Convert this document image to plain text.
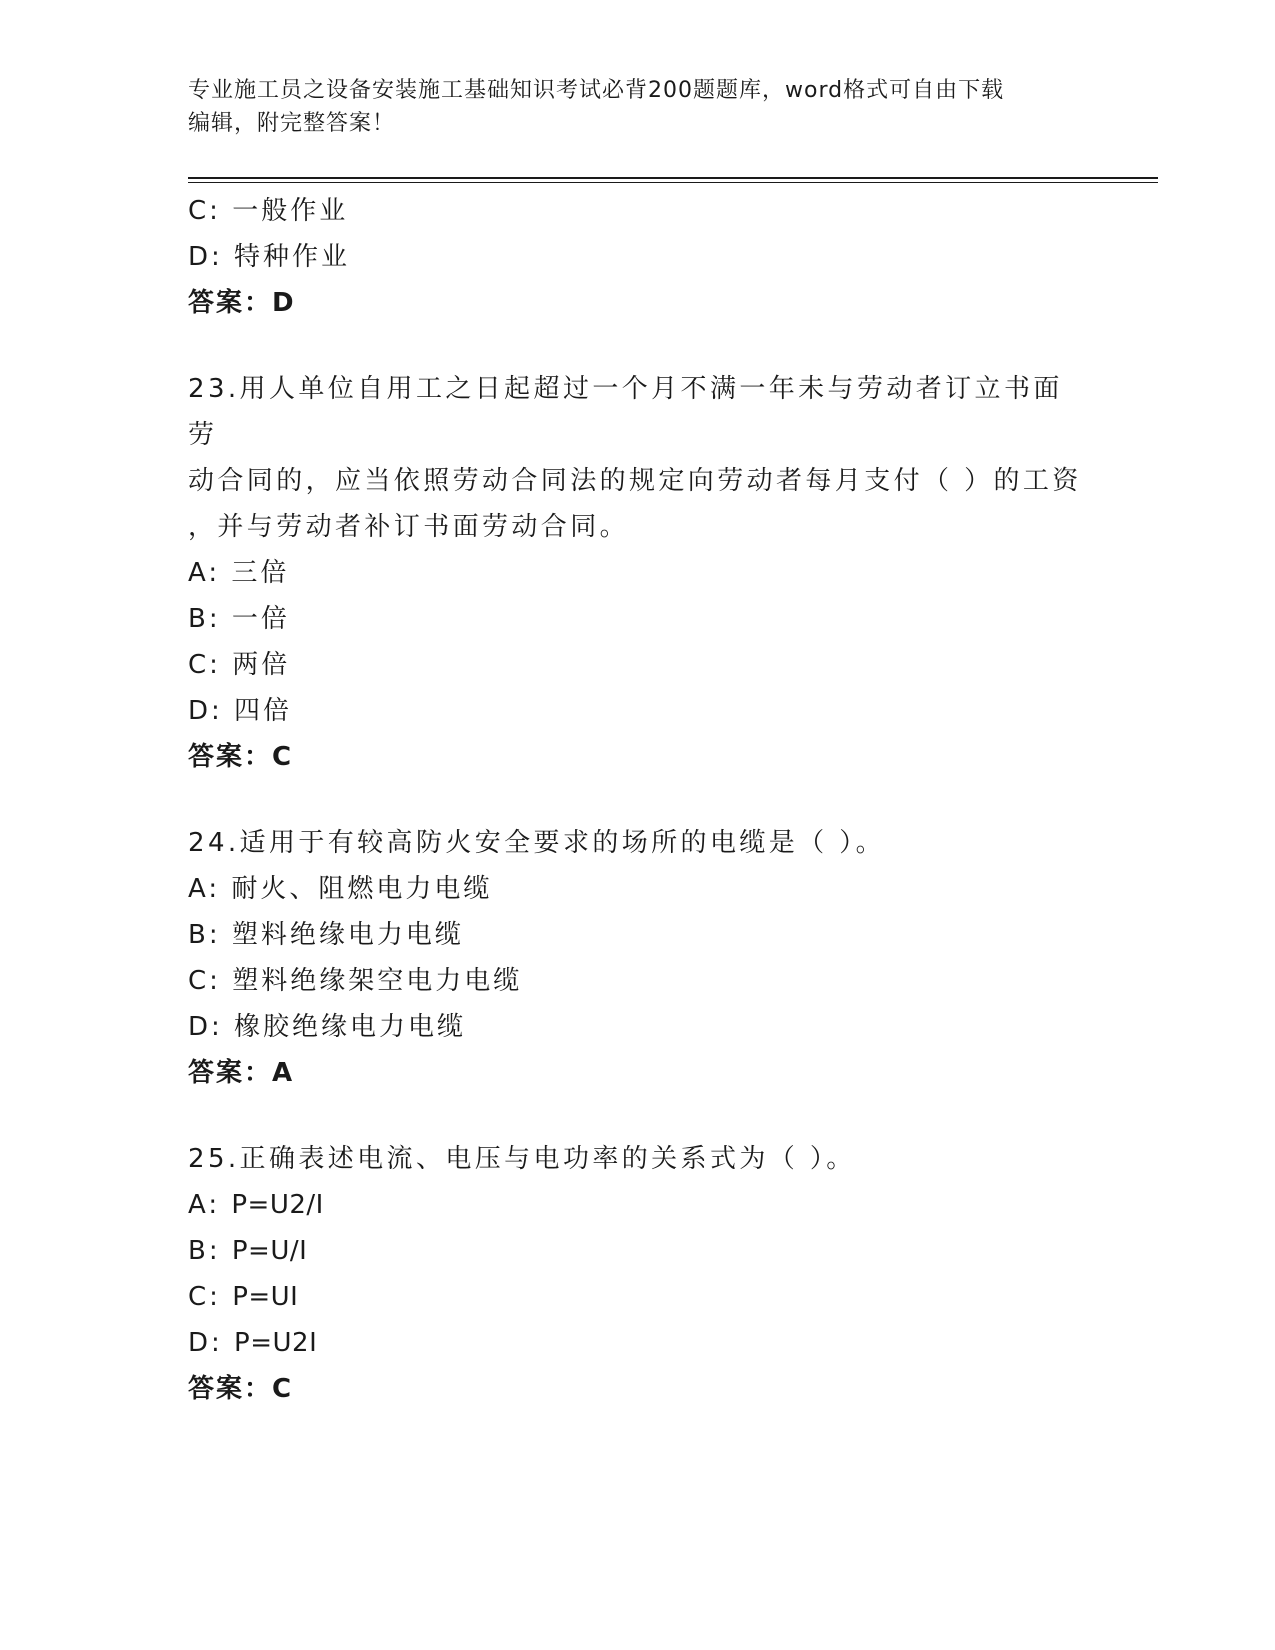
专业施工员之设备安装施工基础知识考试必背200题题库，word格式可自由下载
编辑，附完整答案！
C: 一般作业
D: 特种作业
答案：D
23.用人单位自用工之日起超过一个月不满一年未与劳动者订立书面劳
动合同的，应当依照劳动合同法的规定向劳动者每月支付（ ）的工资
，并与劳动者补订书面劳动合同。
A: 三倍
B: 一倍
C: 两倍
D: 四倍
答案：C
24.适用于有较高防火安全要求的场所的电缆是（ ）。
A: 耐火、阻燃电力电缆
B: 塑料绝缘电力电缆
C: 塑料绝缘架空电力电缆
D: 橡胶绝缘电力电缆
答案：A
25.正确表述电流、电压与电功率的关系式为（ ）。
A: P=U2/I
B: P=U/I
C: P=UI
D: P=U2I
答案：C
